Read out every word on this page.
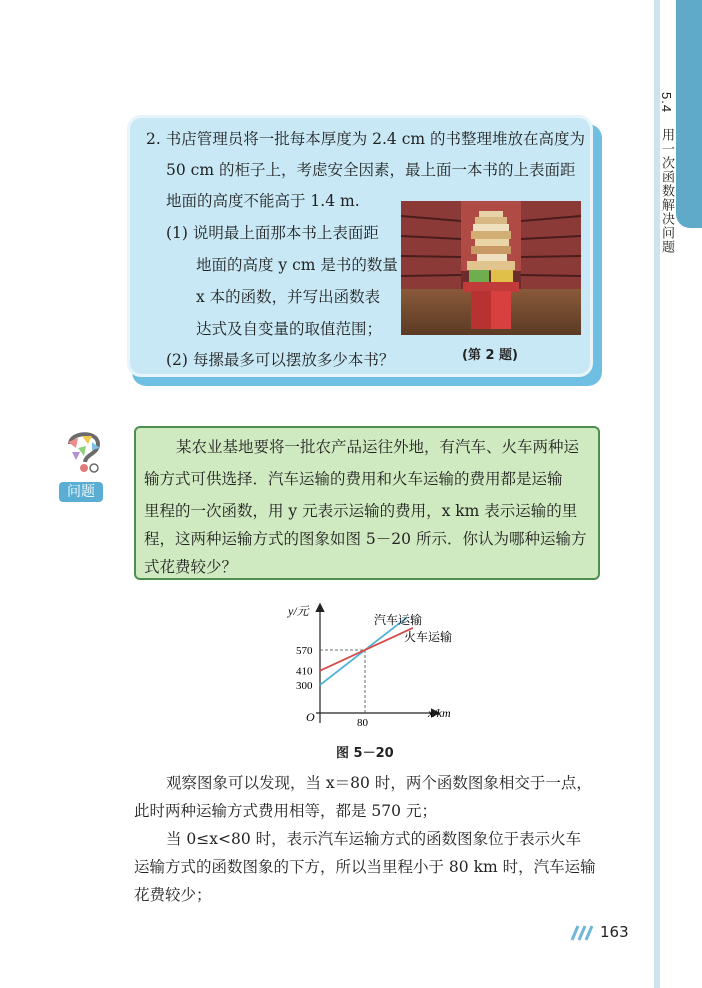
5.4 用一次函数解决问题
2. 书店管理员将一批每本厚度为 2.4 cm 的书整理堆放在高度为
50 cm 的柜子上，考虑安全因素，最上面一本书的上表面距
地面的高度不能高于 1.4 m.
(1) 说明最上面那本书上表面距
地面的高度 y cm 是书的数量
x 本的函数，并写出函数表
达式及自变量的取值范围；
(2) 每摞最多可以摆放多少本书？	(第 2 题)
问题
某农业基地要将一批农产品运往外地，有汽车、火车两种运
输方式可供选择．汽车运输的费用和火车运输的费用都是运输
里程的一次函数，用 y 元表示运输的费用，x km 表示运输的里
程，这两种运输方式的图象如图 5－20 所示．你认为哪种运输方
式花费较少？
y/元
x/km
O
300
410
570
80
汽车运输
火车运输
图 5－20
观察图象可以发现，当 x＝80 时，两个函数图象相交于一点，
此时两种运输方式费用相等，都是 570 元；
当 0≤x<80 时，表示汽车运输方式的函数图象位于表示火车
运输方式的函数图象的下方，所以当里程小于 80 km 时，汽车运输
花费较少；
163
